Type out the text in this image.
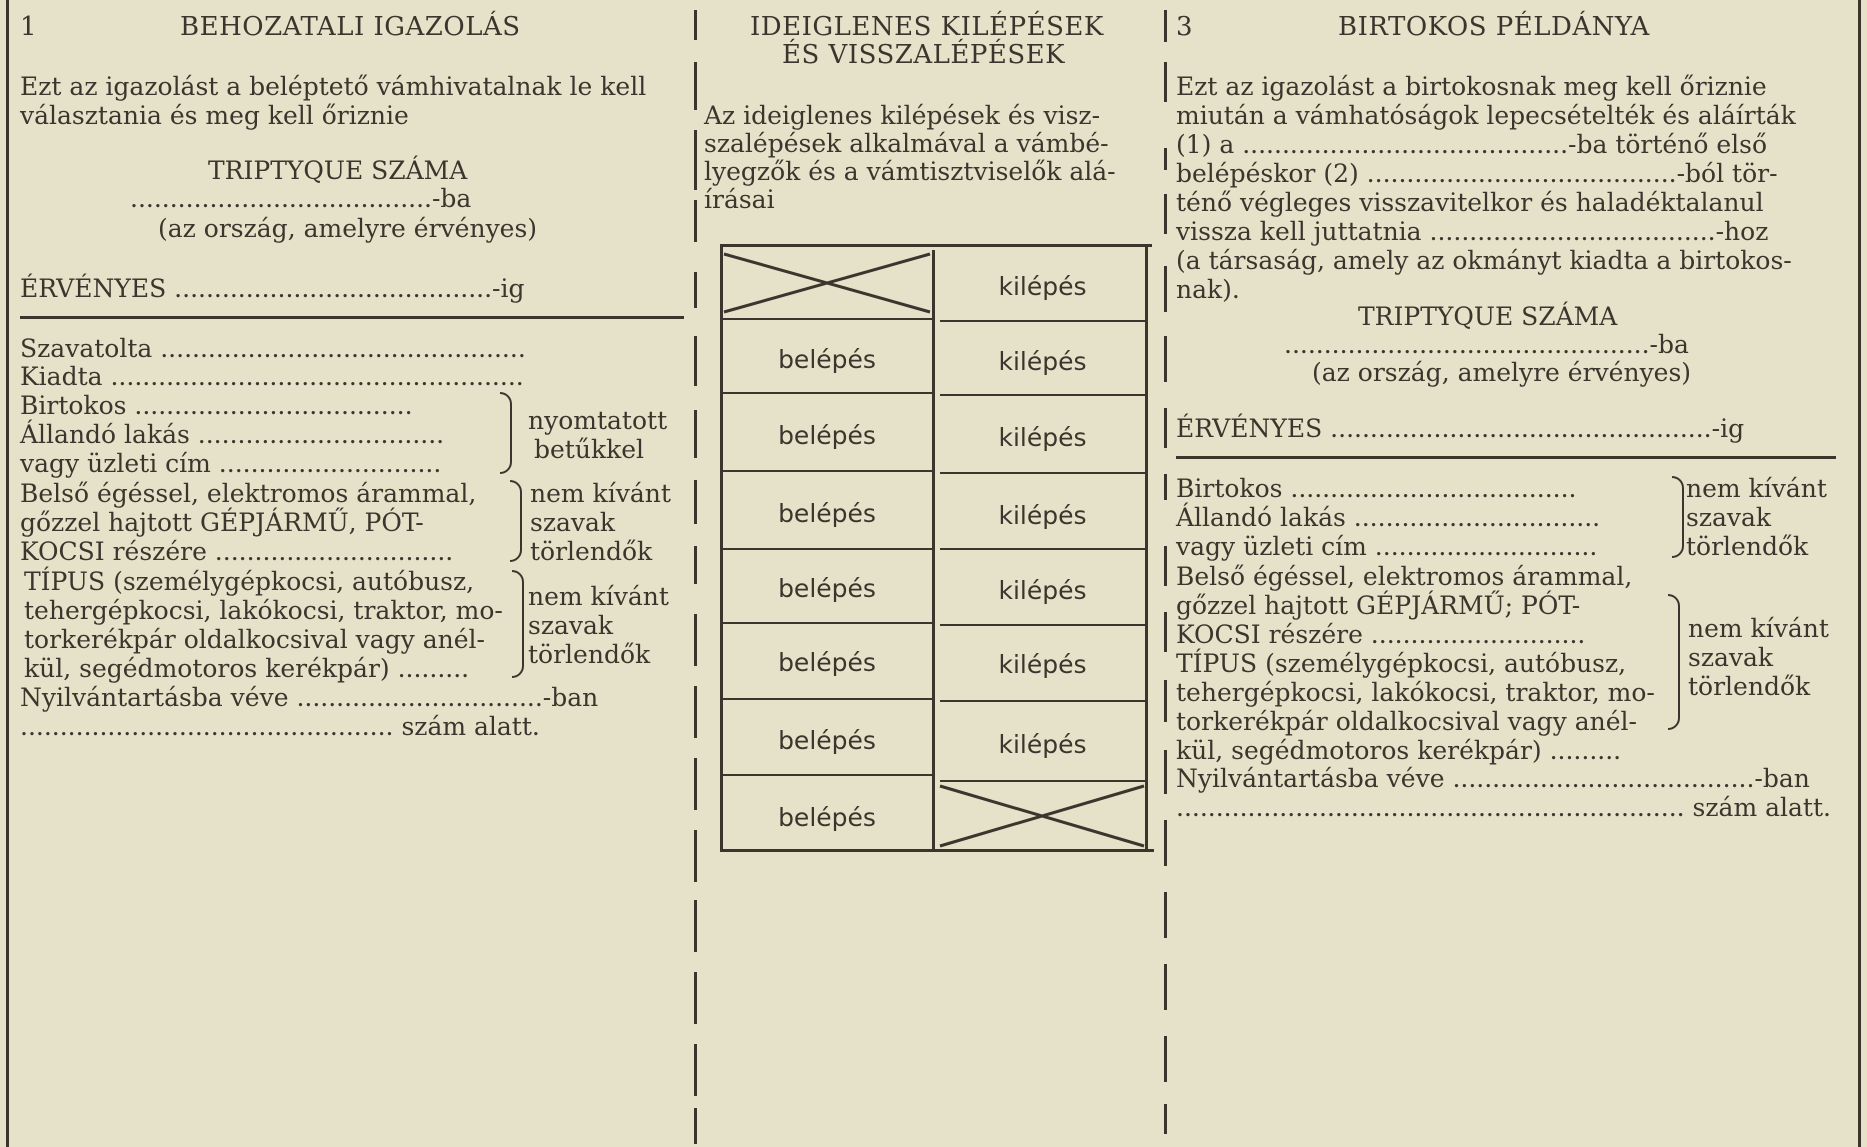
1	BEHOZATALI IGAZOLÁS
Ezt az igazolást a beléptető vámhivatalnak le kell
választania és meg kell őriznie
TRIPTYQUE SZÁMA
......................................-ba
(az ország, amelyre érvényes)
ÉRVÉNYES ........................................-ig
Szavatolta ..............................................
Kiadta ....................................................
Birtokos ...................................
Állandó lakás ...............................
vagy üzleti cím ............................
nyomtatott
betűkkel
Belső égéssel, elektromos árammal,
gőzzel hajtott GÉPJÁRMŰ, PÓT-
KOCSI részére ..............................
nem kívánt
szavak
törlendők
TÍPUS (személygépkocsi, autóbusz,
tehergépkocsi, lakókocsi, traktor, mo-
torkerékpár oldalkocsival vagy anél-
kül, segédmotoros kerékpár) .........
nem kívánt
szavak
törlendők
Nyilvántartásba véve ...............................-ban
............................................... szám alatt.
IDEIGLENES KILÉPÉSEK
ÉS VISSZALÉPÉSEK
Az ideiglenes kilépések és visz-
szalépések alkalmával a vámbé-
lyegzők és a vámtisztviselők alá-
írásai
kilépés
belépés	kilépés
belépés	kilépés
belépés	kilépés
belépés	kilépés
belépés	kilépés
belépés	kilépés
belépés
3	BIRTOKOS PÉLDÁNYA
Ezt az igazolást a birtokosnak meg kell őriznie
miután a vámhatóságok lepecsételték és aláírták
(1) a .........................................-ba történő első
belépéskor (2) .......................................-ból tör-
ténő végleges visszavitelkor és haladéktalanul
vissza kell juttatnia ....................................-hoz
(a társaság, amely az okmányt kiadta a birtokos-
nak).
TRIPTYQUE SZÁMA
..............................................-ba
(az ország, amelyre érvényes)
ÉRVÉNYES ................................................-ig
Birtokos ....................................
Állandó lakás ...............................
vagy üzleti cím ............................
nem kívánt
szavak
törlendők
Belső égéssel, elektromos árammal,
gőzzel hajtott GÉPJÁRMŰ; PÓT-
KOCSI részére ...........................
TÍPUS (személygépkocsi, autóbusz,
tehergépkocsi, lakókocsi, traktor, mo-
torkerékpár oldalkocsival vagy anél-
kül, segédmotoros kerékpár) .........
nem kívánt
szavak
törlendők
Nyilvántartásba véve ......................................-ban
................................................................ szám alatt.
